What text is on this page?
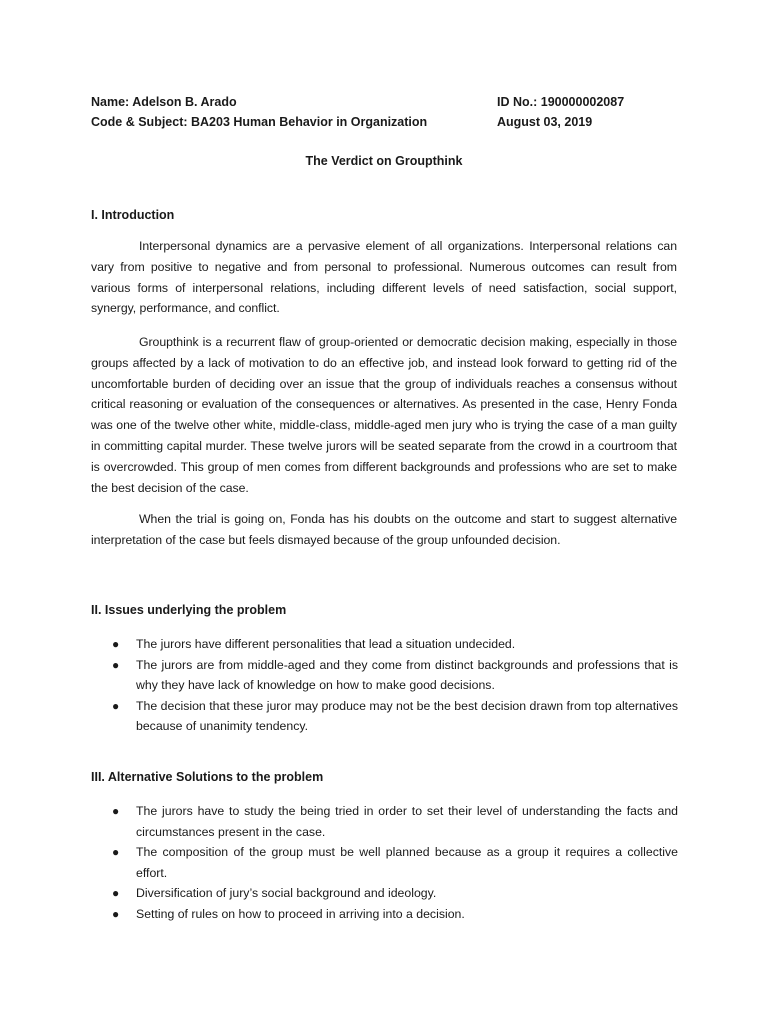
Name: Adelson B. Arado
Code & Subject: BA203 Human Behavior in Organization
ID No.: 190000002087
August 03, 2019
The Verdict on Groupthink
I. Introduction

Interpersonal dynamics are a pervasive element of all organizations. Interpersonal relations can vary from positive to negative and from personal to professional. Numerous outcomes can result from various forms of interpersonal relations, including different levels of need satisfaction, social support, synergy, performance, and conflict.

Groupthink is a recurrent flaw of group-oriented or democratic decision making, especially in those groups affected by a lack of motivation to do an effective job, and instead look forward to getting rid of the uncomfortable burden of deciding over an issue that the group of individuals reaches a consensus without critical reasoning or evaluation of the consequences or alternatives. As presented in the case, Henry Fonda was one of the twelve other white, middle-class, middle-aged men jury who is trying the case of a man guilty in committing capital murder. These twelve jurors will be seated separate from the crowd in a courtroom that is overcrowded. This group of men comes from different backgrounds and professions who are set to make the best decision of the case.

When the trial is going on, Fonda has his doubts on the outcome and start to suggest alternative interpretation of the case but feels dismayed because of the group unfounded decision.

II. Issues underlying the problem
● The jurors have different personalities that lead a situation undecided.
● The jurors are from middle-aged and they come from distinct backgrounds and professions that is why they have lack of knowledge on how to make good decisions.
● The decision that these juror may produce may not be the best decision drawn from top alternatives because of unanimity tendency.
III. Alternative Solutions to the problem
● The jurors have to study the being tried in order to set their level of understanding the facts and circumstances present in the case.
● The composition of the group must be well planned because as a group it requires a collective effort.
● Diversification of jury’s social background and ideology.
● Setting of rules on how to proceed in arriving into a decision.
